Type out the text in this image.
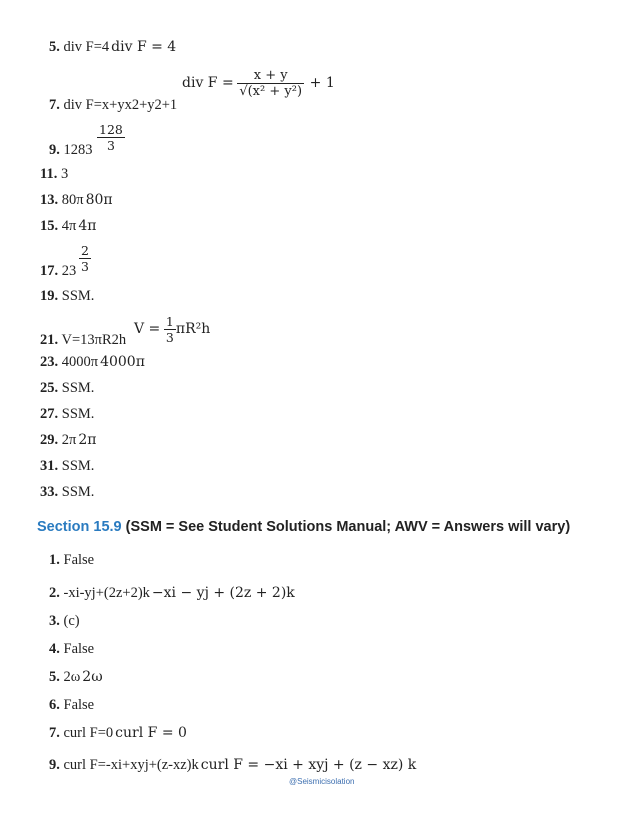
5. div F=4 div F = 4
div $F = \frac{x + y}{\text{√(x² + y²)}} + 1$
7. div F=x+yx2+y2+1
9. $1283 \frac{128}{3}$
11. 3
13. 80π 80π
15. 4π 4π
17. $23 \frac{2}{3}$
19. SSM.
21. V=13πR2h
$V = \frac{1}{3} \pi R^2h$
23. 4000π 4000π
25. SSM.
27. SSM.
29. 2π 2π
31. SSM.
33. SSM.
Section 15.9 (SSM = See Student Solutions Manual; AWV = Answers will vary)
1. False
2. -xi-yj+(2z+2)k −xi − yj + (2z + 2)k
3. (c)
4. False
5. 2ω 2ω
6. False
7. curl F=0 curl F = 0
9. curl F=-xi+xyj+(z-xz)k curl F = −xi + xyj + (z − xz) k
@Seismicisolation
